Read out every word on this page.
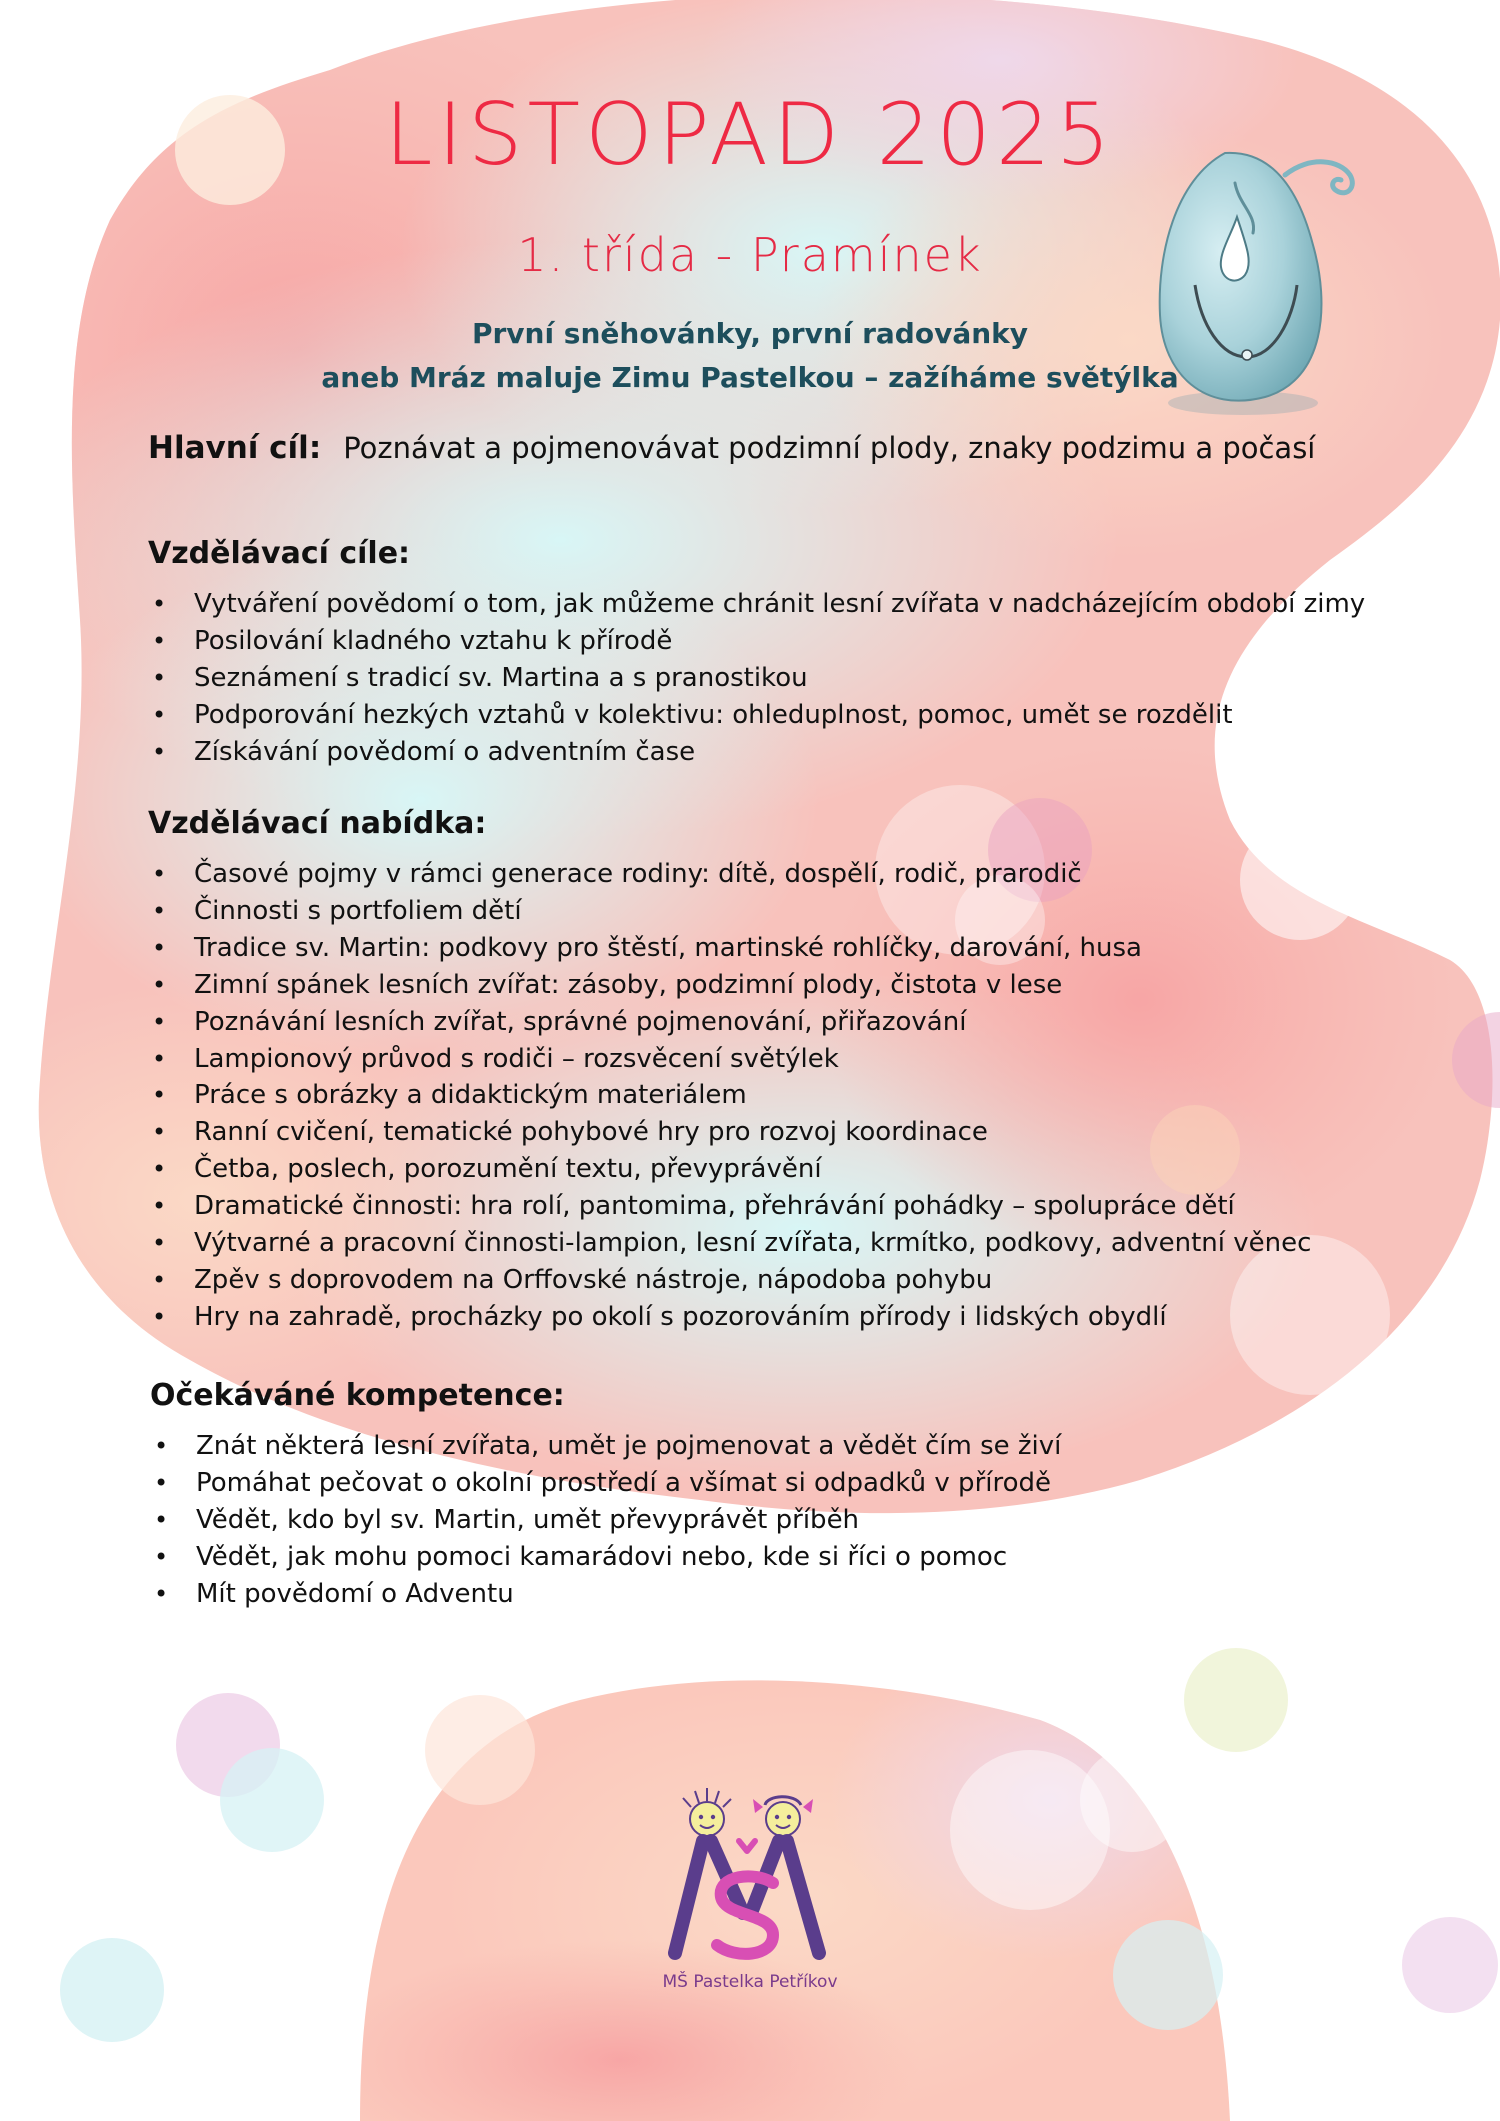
LISTOPAD 2025
1. třída - Pramínek
První sněhovánky, první radovánky
aneb Mráz maluje Zimu Pastelkou – zažíháme světýlka
Hlavní cíl: Poznávat a pojmenovávat podzimní plody, znaky podzimu a počasí
Vzdělávací cíle:
• Vytváření povědomí o tom, jak můžeme chránit lesní zvířata v nadcházejícím období zimy
• Posilování kladného vztahu k přírodě
• Seznámení s tradicí sv. Martina a s pranostikou
• Podporování hezkých vztahů v kolektivu: ohleduplnost, pomoc, umět se rozdělit
• Získávání povědomí o adventním čase
Vzdělávací nabídka:
• Časové pojmy v rámci generace rodiny: dítě, dospělí, rodič, prarodič
• Činnosti s portfoliem dětí
• Tradice sv. Martin: podkovy pro štěstí, martinské rohlíčky, darování, husa
• Zimní spánek lesních zvířat: zásoby, podzimní plody, čistota v lese
• Poznávání lesních zvířat, správné pojmenování, přiřazování
• Lampionový průvod s rodiči – rozsvěcení světýlek
• Práce s obrázky a didaktickým materiálem
• Ranní cvičení, tematické pohybové hry pro rozvoj koordinace
• Četba, poslech, porozumění textu, převyprávění
• Dramatické činnosti: hra rolí, pantomima, přehrávání pohádky – spolupráce dětí
• Výtvarné a pracovní činnosti-lampion, lesní zvířata, krmítko, podkovy, adventní věnec
• Zpěv s doprovodem na Orffovské nástroje, nápodoba pohybu
• Hry na zahradě, procházky po okolí s pozorováním přírody i lidských obydlí
Očekáváné kompetence:
• Znát některá lesní zvířata, umět je pojmenovat a vědět čím se živí
• Pomáhat pečovat o okolní prostředí a všímat si odpadků v přírodě
• Vědět, kdo byl sv. Martin, umět převyprávět příběh
• Vědět, jak mohu pomoci kamarádovi nebo, kde si říci o pomoc
• Mít povědomí o Adventu
MŠ Pastelka Petříkov
